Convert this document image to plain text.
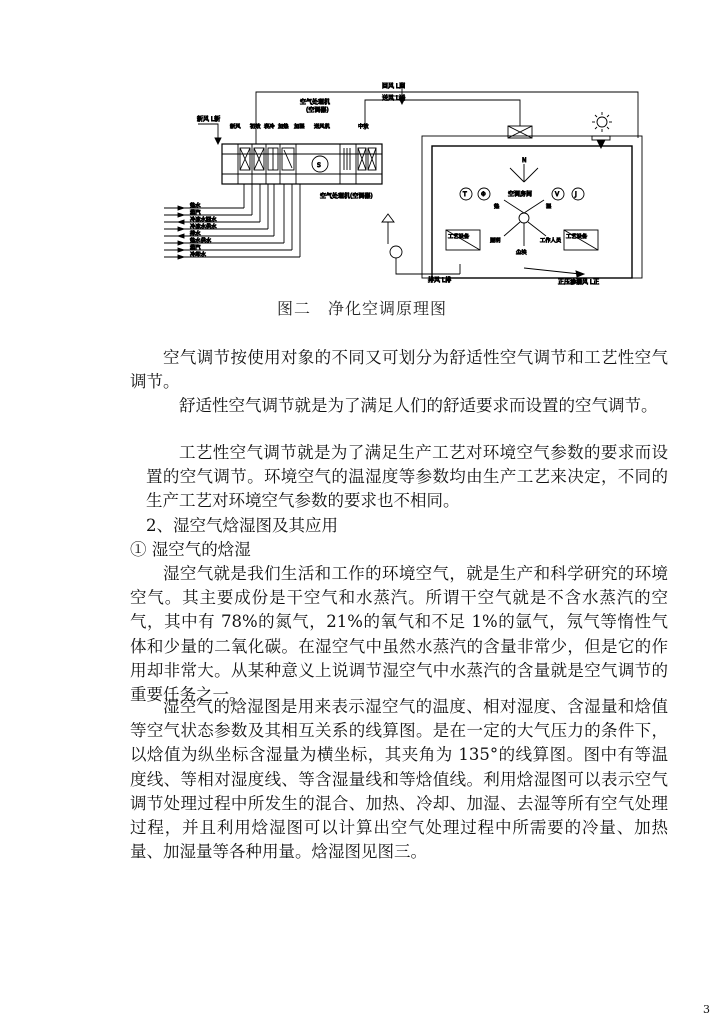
回风 L回
送风 L送
新风 L新
空气处理机
(空调器)
新风 初效 表冷 加热 加湿 送风机	中效
S
空气处理机(空调器)
热水
蒸汽
冷冻水回水
冷冻水供水
排水
热水供水
蒸汽
冷却水
排风 L排
工艺设备	工艺设备
N
空调房间
T Φ	V	J
热	湿
照明	工作人员
尘埃
正压渗漏风 L正
图二　净化空调原理图

空气调节按使用对象的不同又可划分为舒适性空气调节和工艺性空气调节。

舒适性空气调节就是为了满足人们的舒适要求而设置的空气调节。

工艺性空气调节就是为了满足生产工艺对环境空气参数的要求而设置的空气调节。环境空气的温湿度等参数均由生产工艺来决定，不同的生产工艺对环境空气参数的要求也不相同。

2、湿空气焓湿图及其应用

① 湿空气的焓湿

湿空气就是我们生活和工作的环境空气，就是生产和科学研究的环境空气。其主要成份是干空气和水蒸汽。所谓干空气就是不含水蒸汽的空气，其中有 78%的氮气，21%的氧气和不足 1%的氩气，氖气等惰性气体和少量的二氧化碳。在湿空气中虽然水蒸汽的含量非常少，但是它的作用却非常大。从某种意义上说调节湿空气中水蒸汽的含量就是空气调节的重要任务之一。

湿空气的焓湿图是用来表示湿空气的温度、相对湿度、含湿量和焓值等空气状态参数及其相互关系的线算图。是在一定的大气压力的条件下，以焓值为纵坐标含湿量为横坐标，其夹角为 135°的线算图。图中有等温度线、等相对湿度线、等含湿量线和等焓值线。利用焓湿图可以表示空气调节处理过程中所发生的混合、加热、冷却、加湿、去湿等所有空气处理过程，并且利用焓湿图可以计算出空气处理过程中所需要的冷量、加热量、加湿量等各种用量。焓湿图见图三。

3
